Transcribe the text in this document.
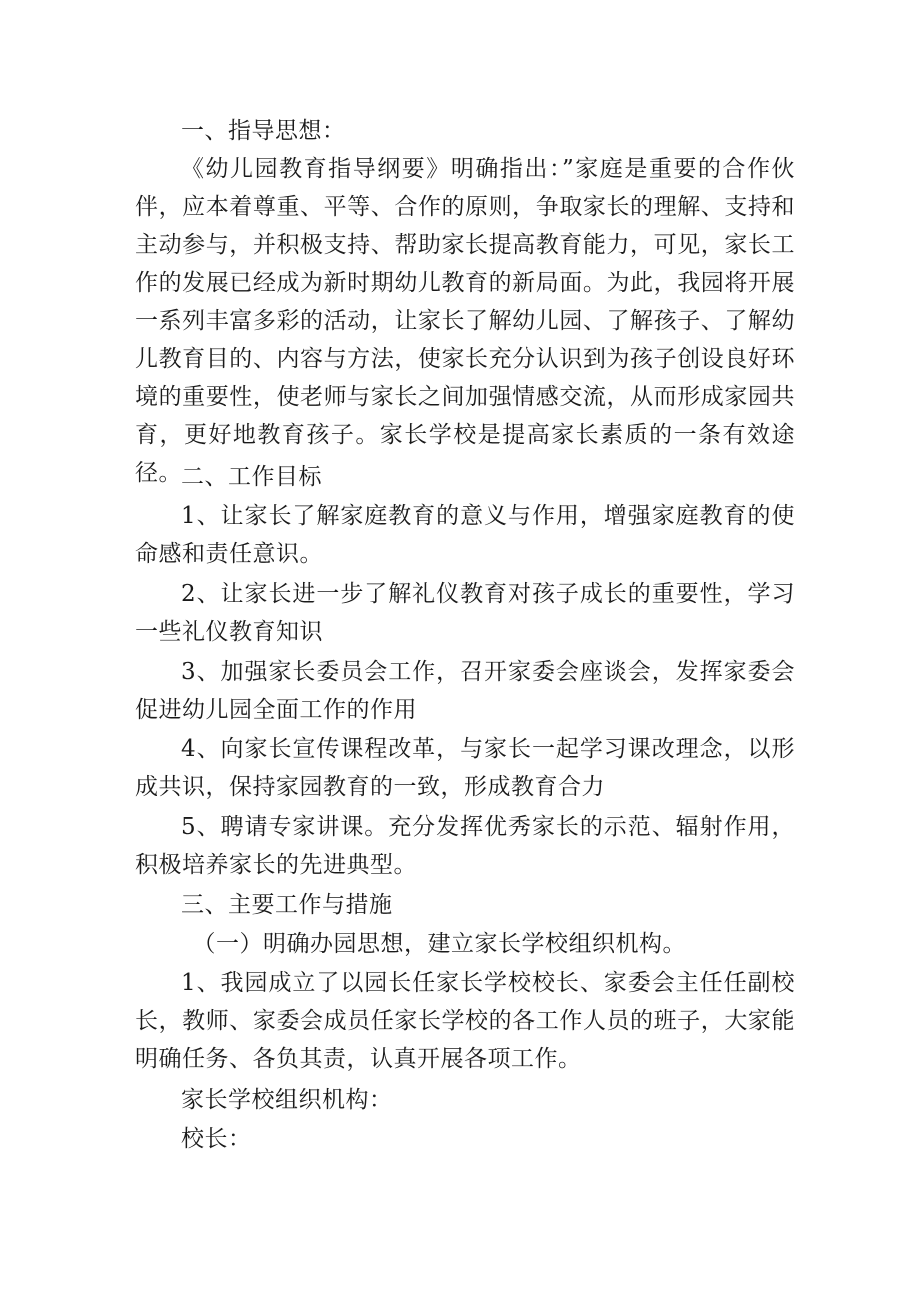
一、指导思想：

《幼儿园教育指导纲要》明确指出：”家庭是重要的合作伙伴，应本着尊重、平等、合作的原则，争取家长的理解、支持和主动参与，并积极支持、帮助家长提高教育能力，可见，家长工作的发展已经成为新时期幼儿教育的新局面。为此，我园将开展一系列丰富多彩的活动，让家长了解幼儿园、了解孩子、了解幼儿教育目的、内容与方法，使家长充分认识到为孩子创设良好环境的重要性，使老师与家长之间加强情感交流，从而形成家园共育，更好地教育孩子。家长学校是提高家长素质的一条有效途径。 二、工作目标

1、让家长了解家庭教育的意义与作用，增强家庭教育的使命感和责任意识。

2、让家长进一步了解礼仪教育对孩子成长的重要性，学习一些礼仪教育知识

3、加强家长委员会工作，召开家委会座谈会，发挥家委会促进幼儿园全面工作的作用

4、向家长宣传课程改革，与家长一起学习课改理念，以形成共识，保持家园教育的一致，形成教育合力

5、聘请专家讲课。充分发挥优秀家长的示范、辐射作用，积极培养家长的先进典型。

三、主要工作与措施

（一）明确办园思想，建立家长学校组织机构。

1、我园成立了以园长任家长学校校长、家委会主任任副校长，教师、家委会成员任家长学校的各工作人员的班子，大家能明确任务、各负其责，认真开展各项工作。

家长学校组织机构：

校长：
